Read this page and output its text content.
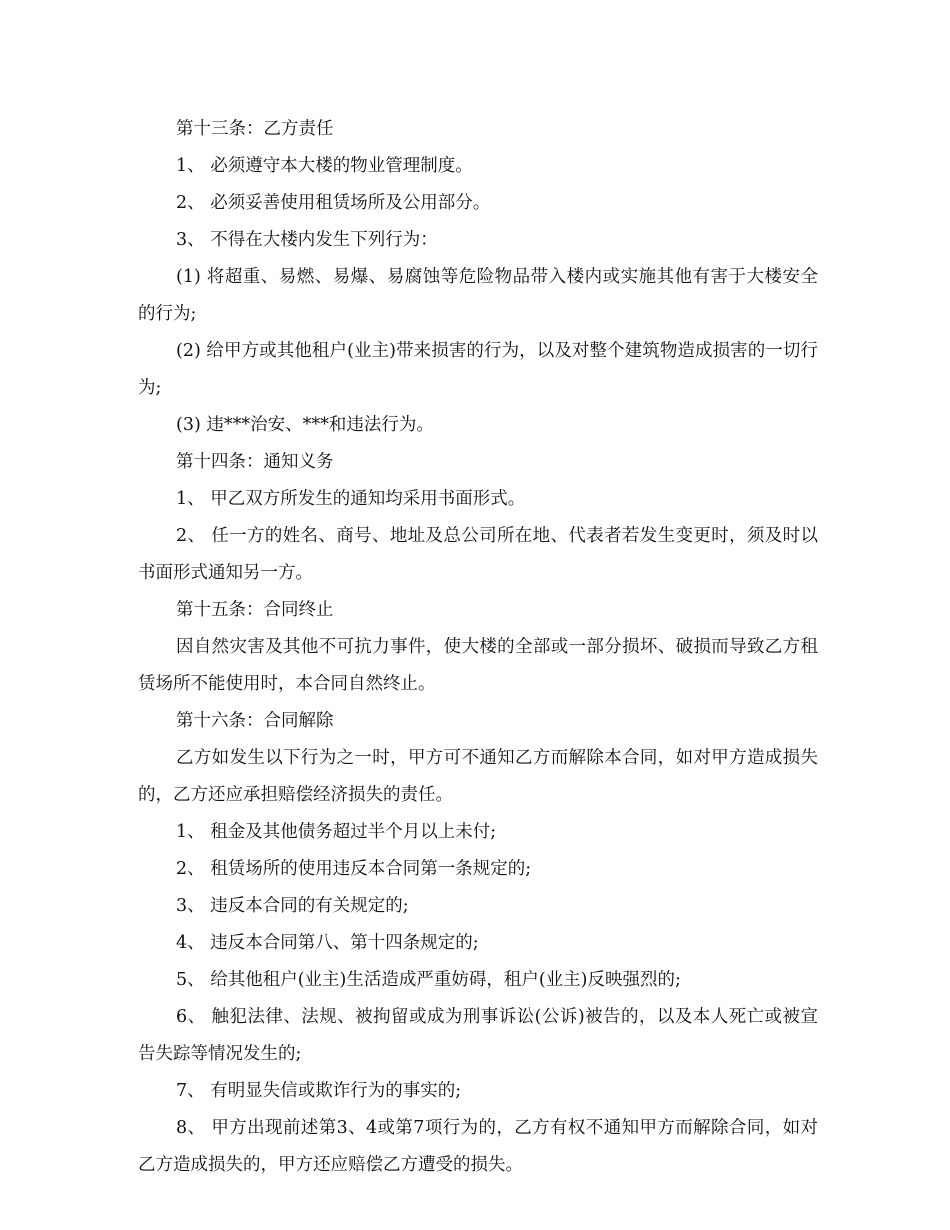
第十三条：乙方责任

1、 必须遵守本大楼的物业管理制度。

2、 必须妥善使用租赁场所及公用部分。

3、 不得在大楼内发生下列行为：

(1) 将超重、易燃、易爆、易腐蚀等危险物品带入楼内或实施其他有害于大楼安全的行为;

(2) 给甲方或其他租户(业主)带来损害的行为，以及对整个建筑物造成损害的一切行为;

(3) 违***治安、***和违法行为。

第十四条：通知义务

1、 甲乙双方所发生的通知均采用书面形式。

2、 任一方的姓名、商号、地址及总公司所在地、代表者若发生变更时，须及时以书面形式通知另一方。

第十五条：合同终止

因自然灾害及其他不可抗力事件，使大楼的全部或一部分损坏、破损而导致乙方租赁场所不能使用时，本合同自然终止。

第十六条：合同解除

乙方如发生以下行为之一时，甲方可不通知乙方而解除本合同，如对甲方造成损失的，乙方还应承担赔偿经济损失的责任。

1、 租金及其他债务超过半个月以上未付;

2、 租赁场所的使用违反本合同第一条规定的;

3、 违反本合同的有关规定的;

4、 违反本合同第八、第十四条规定的;

5、 给其他租户(业主)生活造成严重妨碍，租户(业主)反映强烈的;

6、 触犯法律、法规、被拘留或成为刑事诉讼(公诉)被告的，以及本人死亡或被宣告失踪等情况发生的;

7、 有明显失信或欺诈行为的事实的;

8、 甲方出现前述第3、4或第7项行为的，乙方有权不通知甲方而解除合同，如对乙方造成损失的，甲方还应赔偿乙方遭受的损失。
